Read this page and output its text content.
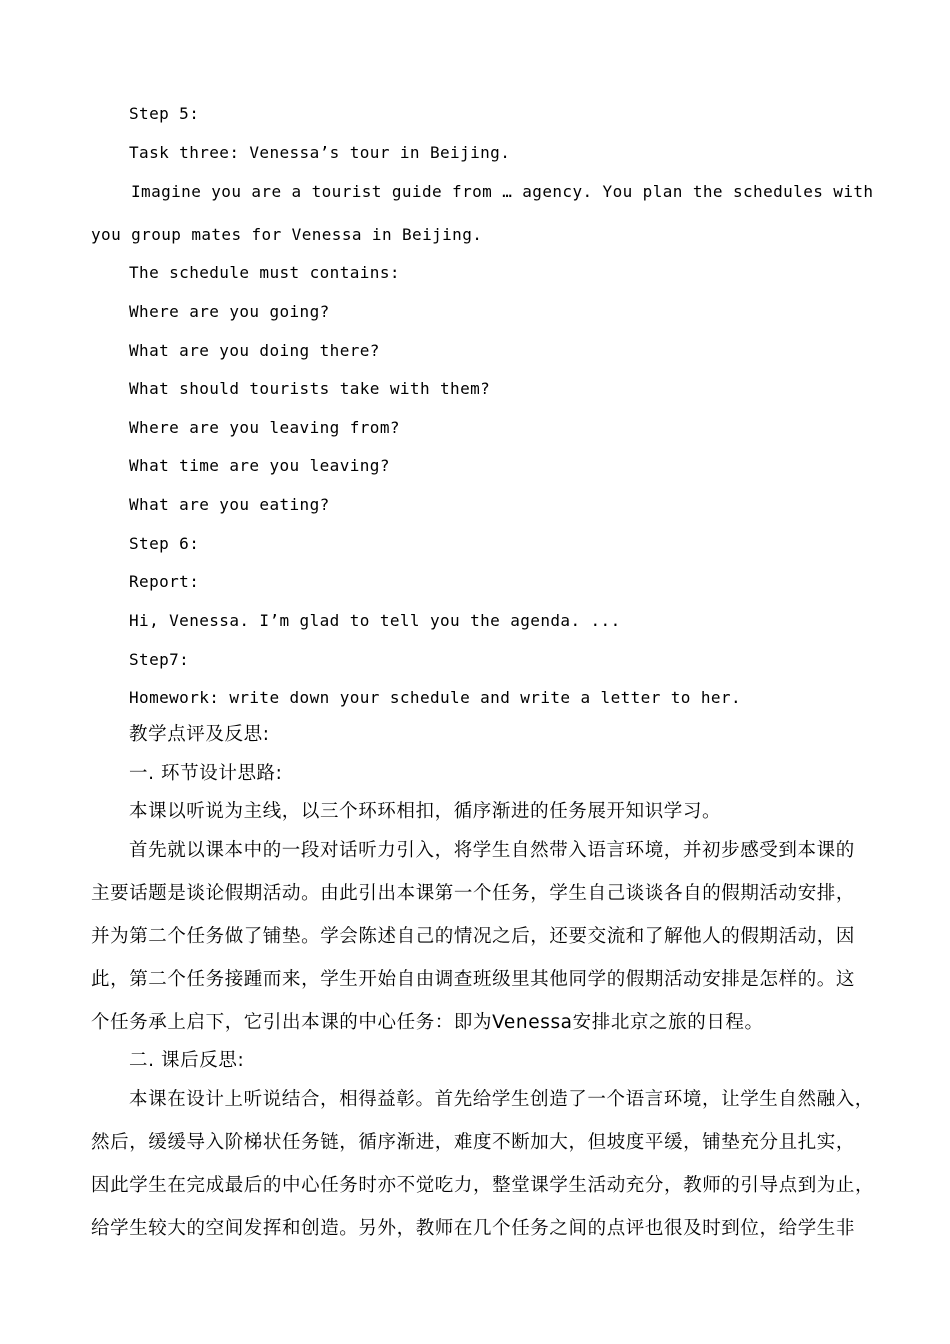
Step 5:
Task three: Venessa’s tour in Beijing.
Imagine you are a tourist guide from … agency. You plan the schedules with
you group mates for Venessa in Beijing.
The schedule must contains:
Where are you going?
What are you doing there?
What should tourists take with them?
Where are you leaving from?
What time are you leaving?
What are you eating?
Step 6:
Report:
Hi, Venessa. I’m glad to tell you the agenda. ...
Step7:
Homework: write down your schedule and write a letter to her.
教学点评及反思:
一. 环节设计思路:
本课以听说为主线，以三个环环相扣，循序渐进的任务展开知识学习。
首先就以课本中的一段对话听力引入，将学生自然带入语言环境，并初步感受到本课的
主要话题是谈论假期活动。由此引出本课第一个任务，学生自己谈谈各自的假期活动安排，
并为第二个任务做了铺垫。学会陈述自己的情况之后，还要交流和了解他人的假期活动，因
此，第二个任务接踵而来，学生开始自由调查班级里其他同学的假期活动安排是怎样的。这
个任务承上启下，它引出本课的中心任务：即为Venessa安排北京之旅的日程。
二. 课后反思:
本课在设计上听说结合，相得益彰。首先给学生创造了一个语言环境，让学生自然融入，
然后，缓缓导入阶梯状任务链，循序渐进，难度不断加大，但坡度平缓，铺垫充分且扎实，
因此学生在完成最后的中心任务时亦不觉吃力，整堂课学生活动充分，教师的引导点到为止，
给学生较大的空间发挥和创造。另外，教师在几个任务之间的点评也很及时到位，给学生非
